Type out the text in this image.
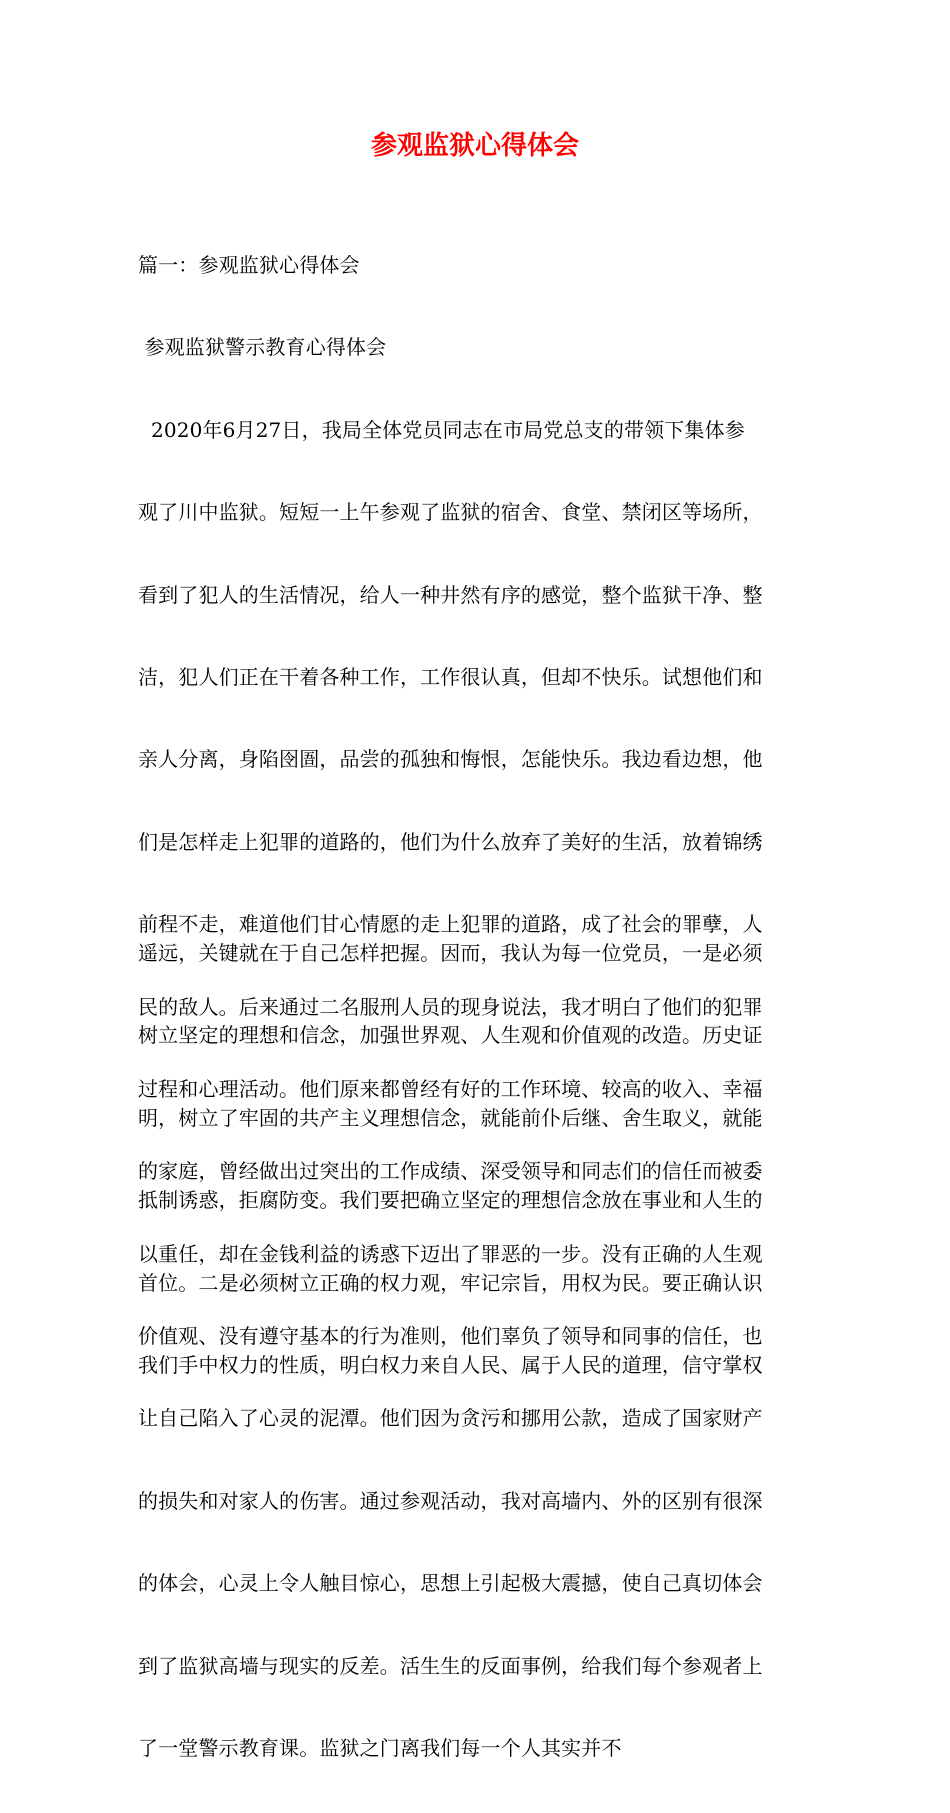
参观监狱心得体会

篇一：参观监狱心得体会

参观监狱警示教育心得体会

2020年6月27日，我局全体党员同志在市局党总支的带领下集体参

观了川中监狱。短短一上午参观了监狱的宿舍、食堂、禁闭区等场所，

看到了犯人的生活情况，给人一种井然有序的感觉，整个监狱干净、整

洁，犯人们正在干着各种工作，工作很认真，但却不快乐。试想他们和

亲人分离，身陷囹圄，品尝的孤独和悔恨，怎能快乐。我边看边想，他

们是怎样走上犯罪的道路的，他们为什么放弃了美好的生活，放着锦绣

前程不走，难道他们甘心情愿的走上犯罪的道路，成了社会的罪孽，人

民的敌人。后来通过二名服刑人员的现身说法，我才明白了他们的犯罪

过程和心理活动。他们原来都曾经有好的工作环境、较高的收入、幸福

的家庭，曾经做出过突出的工作成绩、深受领导和同志们的信任而被委

以重任，却在金钱利益的诱惑下迈出了罪恶的一步。没有正确的人生观

价值观、没有遵守基本的行为准则，他们辜负了领导和同事的信任，也

让自己陷入了心灵的泥潭。他们因为贪污和挪用公款，造成了国家财产

的损失和对家人的伤害。通过参观活动，我对高墙内、外的区别有很深

的体会，心灵上令人触目惊心，思想上引起极大震撼，使自己真切体会

到了监狱高墙与现实的反差。活生生的反面事例，给我们每个参观者上

了一堂警示教育课。监狱之门离我们每一个人其实并不

遥远，关键就在于自己怎样把握。因而，我认为每一位党员，一是必须

树立坚定的理想和信念，加强世界观、人生观和价值观的改造。历史证

明，树立了牢固的共产主义理想信念，就能前仆后继、舍生取义，就能

抵制诱惑，拒腐防变。我们要把确立坚定的理想信念放在事业和人生的

首位。二是必须树立正确的权力观，牢记宗旨，用权为民。要正确认识

我们手中权力的性质，明白权力来自人民、属于人民的道理，信守掌权
